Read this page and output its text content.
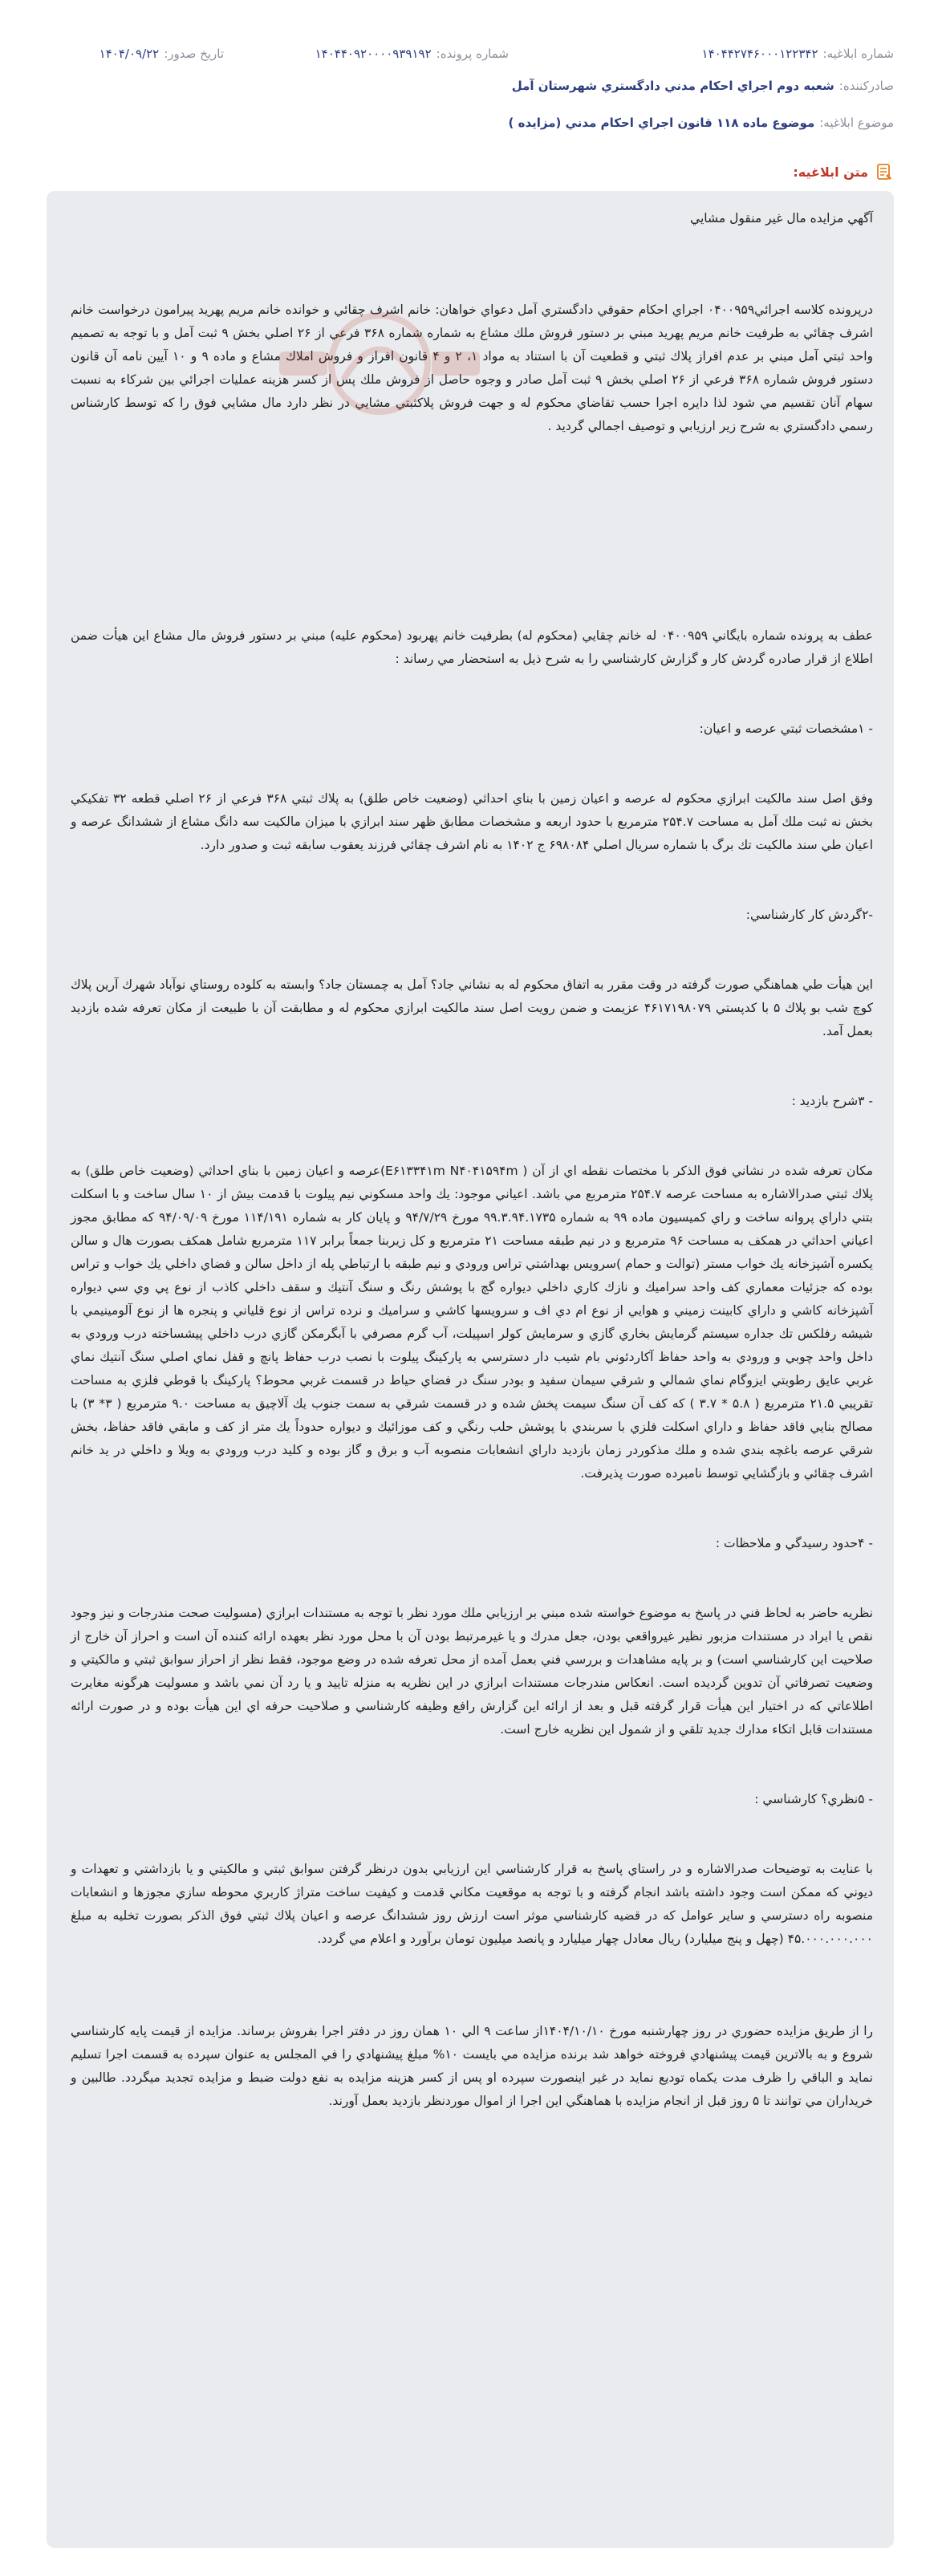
شماره ابلاغيه:
۱۴۰۴۴۲۷۴۶۰۰۰۱۲۲۳۴۲
شماره پرونده:
۱۴۰۴۴۰۹۲۰۰۰۰۹۳۹۱۹۲
تاریخ صدور:
۱۴۰۴/۰۹/۲۲
صادرکننده:
شعبه دوم اجراي احكام مدني دادگستري شهرستان آمل
موضوع ابلاغيه:
موضوع ماده ۱۱۸ قانون اجراي احكام مدني (مزايده )
متن ابلاغيه:

آگهي مزايده مال غير منقول مشايي

درپرونده كلاسه اجرائي۰۴۰۰۹۵۹ اجراي احكام حقوقي دادگستري آمل دعواي خواهان: خانم اشرف چقائي و خوانده خانم مريم پهريد پيرامون درخواست خانم اشرف چقائي به طرفيت خانم مريم پهريد مبني بر دستور فروش ملك مشاع به شماره شماره ۳۶۸ فرعي از ۲۶ اصلي بخش ۹ ثبت آمل و با توجه به تصميم واحد ثبتي آمل مبني بر عدم افراز پلاك ثبتي و قطعيت آن با استناد به مواد ۱، ۲ و ۴ قانون افراز و فروش املاك مشاع و ماده ۹ و ۱۰ آيين نامه آن قانون دستور فروش شماره ۳۶۸ فرعي از ۲۶ اصلي بخش ۹ ثبت آمل صادر و وجوه حاصل از فروش ملك پس از كسر هزينه عمليات اجرائي بين شركاء به نسبت سهام آنان تقسيم مي شود لذا دايره اجرا حسب تقاضاي محكوم له و جهت فروش پلاكثبتي مشايي در نظر دارد مال مشايي فوق را كه توسط كارشناس رسمي دادگستري به شرح زير ارزيابي و توصيف اجمالي گرديد .

عطف به پرونده شماره بايگاني ۰۴۰۰۹۵۹ له خانم چقايي (محكوم له) بطرفيت خانم پهربود (محكوم عليه) مبني بر دستور فروش مال مشاع اين هيأت ضمن اطلاع از قرار صادره گردش كار و گزارش كارشناسي را به شرح ذيل به استحضار مي رساند :

- ۱مشخصات ثبتي عرصه و اعيان:

وفق اصل سند مالكيت ابرازي محكوم له عرصه و اعيان زمين با بناي احداثي (وضعيت خاص طلق) به پلاك ثبتي ۳۶۸ فرعي از ۲۶ اصلي قطعه ۳۲ تفكيكي بخش نه ثبت ملك آمل به مساحت ۲۵۴.۷ مترمربع با حدود اربعه و مشخصات مطابق ظهر سند ابرازي با ميزان مالكيت سه دانگ مشاع از ششدانگ عرصه و اعيان طي سند مالكيت تك برگ با شماره سريال اصلي ۶۹۸۰۸۴ ج ۱۴۰۲ به نام اشرف چقائي فرزند يعقوب سابقه ثبت و صدور دارد.

-۲گردش كار كارشناسي:

اين هيأت طي هماهنگي صورت گرفته در وقت مقرر به اتفاق محكوم له به نشاني جاد؟ آمل به چمستان جاد؟ وابسته به كلوده روستاي نوآباد شهرك آرين پلاك كوچ شب بو پلاك ۵ با كدپستي ۴۶۱۷۱۹۸۰۷۹ عزيمت و ضمن رويت اصل سند مالكيت ابرازي محكوم له و مطابقت آن با طبيعت از مكان تعرفه شده بازديد بعمل آمد.

- ۳شرح بازديد :

مكان تعرفه شده در نشاني فوق الذكر با مختصات نقطه اي از آن ( E۶۱۳۳۴۱m N۴۰۴۱۵۹۴m)عرصه و اعيان زمين با بناي احداثي (وضعيت خاص طلق) به پلاك ثبتي صدرالاشاره به مساحت عرصه ۲۵۴.۷ مترمربع مي باشد. اعياني موجود: يك واحد مسكوني نيم پيلوت با قدمت بيش از ۱۰ سال ساخت و با اسكلت بتني داراي پروانه ساخت و راي كميسيون ماده ۹۹ به شماره ۹۹.۳.۹۴.۱۷۳۵ مورخ ۹۴/۷/۲۹ و پايان كار به شماره ۱۱۴/۱۹۱ مورخ ۹۴/۰۹/۰۹ كه مطابق مجوز اعياني احداثي در همكف به مساحت ۹۶ مترمربع و در نيم طبقه مساحت ۲۱ مترمربع و كل زيربنا جمعاً برابر ۱۱۷ مترمربع شامل همكف بصورت هال و سالن يكسره آشپزخانه يك خواب مستر (توالت و حمام )سرويس بهداشتي تراس ورودي و نيم طبقه با ارتباطي پله از داخل سالن و فضاي داخلي يك خواب و تراس بوده كه جزئيات معماري كف واحد سراميك و نازك كاري داخلي ديواره گچ با پوشش رنگ و سنگ آنتيك و سقف داخلي كاذب از نوع پي وي سي ديواره آشپزخانه كاشي و داراي كابينت زميني و هوايي از نوع ام دي اف و سرويسها كاشي و سراميك و نرده تراس از نوع قلياني و پنجره ها از نوع آلومينيمي با شيشه رفلكس تك جداره سيستم گرمايش بخاري گازي و سرمايش كولر اسپيلت، آب گرم مصرفي با آبگرمكن گازي درب داخلي پيشساخته درب ورودي به داخل واحد چوبي و ورودي به واحد حفاظ آكاردئوني بام شيب دار دسترسي به پاركينگ پيلوت با نصب درب حفاظ پانچ و قفل نماي اصلي سنگ آنتيك نماي غربي عايق رطوبتي ايزوگام نماي شمالي و شرقي سيمان سفيد و بودر سنگ در فضاي حياط در قسمت غربي محوط؟ پاركينگ با قوطي فلزي به مساحت تقريبي ۲۱.۵ مترمربع ( ۵.۸ * ۳.۷ ) كه كف آن سنگ سيمت پخش شده و در قسمت شرقي به سمت جنوب يك آلاچيق به مساحت ۹.۰ مترمربع ( ۳* ۳) با مصالح بنايي فاقد حفاظ و داراي اسكلت فلزي با سربندي با پوشش حلب رنگي و كف موزائيك و ديواره حدوداً يك متر از كف و مابقي فاقد حفاظ، بخش شرقي عرصه باغچه بندي شده و ملك مذكوردر زمان بازديد داراي انشعابات منصوبه آب و برق و گاز بوده و كليد درب ورودي به ويلا و داخلي در يد خانم اشرف چقائي و بازگشايي توسط نامبرده صورت پذيرفت.

- ۴حدود رسيدگي و ملاحظات :

نظريه حاضر به لحاظ فني در پاسخ به موضوع خواسته شده مبني بر ارزيابي ملك مورد نظر با توجه به مستندات ابرازي (مسوليت صحت مندرجات و نيز وجود نقص يا ابراد در مستندات مزبور نظير غيرواقعي بودن، جعل مدرك و يا غيرمرتبط بودن آن با محل مورد نظر بعهده ارائه كننده آن است و احراز آن خارج از صلاحيت اين كارشناسي است) و بر پايه مشاهدات و بررسي فني بعمل آمده از محل تعرفه شده در وضع موجود، فقط نظر از احراز سوابق ثبتي و مالكيتي و وضعيت تصرفاتي آن تدوين گرديده است. انعكاس مندرجات مستندات ابرازي در اين نظريه به منزله تاييد و يا رد آن نمي باشد و مسوليت هرگونه مغايرت اطلاعاتي كه در اختيار اين هيأت قرار گرفته قبل و بعد از ارائه اين گزارش رافع وظيفه كارشناسي و صلاحيت حرفه اي اين هيأت بوده و در صورت ارائه مستندات قابل اتكاء مدارك جديد تلقي و از شمول اين نظريه خارج است.

- ۵نظري؟ كارشناسي :

با عنايت به توضيحات صدرالاشاره و در راستاي پاسخ به قرار كارشناسي اين ارزيابي بدون درنظر گرفتن سوابق ثبتي و مالكيتي و يا بازداشتي و تعهدات و ديوني كه ممكن است وجود داشته باشد انجام گرفته و با توجه به موقعيت مكاني قدمت و كيفيت ساخت متراژ كاربري محوطه سازي مجوزها و انشعابات منصوبه راه دسترسي و ساير عوامل كه در قضيه كارشناسي موثر است ارزش روز ششدانگ عرصه و اعيان پلاك ثبتي فوق الذكر بصورت تخليه به مبلغ ۴۵.۰۰۰.۰۰۰.۰۰۰ (چهل و پنج ميليارد) ريال معادل چهار ميليارد و پانصد ميليون تومان برآورد و اعلام مي گردد.

را از طريق مزايده حضوري در روز چهارشنبه مورخ ۱۴۰۴/۱۰/۱۰از ساعت ۹ الي ۱۰ همان روز در دفتر اجرا بفروش برساند. مزايده از قيمت پايه كارشناسي شروع و به بالاترين قيمت پيشنهادي فروخته خواهد شد برنده مزايده مي بايست ۱۰% مبلغ پيشنهادي را في المجلس به عنوان سپرده به قسمت اجرا تسليم نمايد و الباقي را ظرف مدت يكماه توديع نمايد در غير اينصورت سپرده او پس از كسر هزينه مزايده به نفع دولت ضبط و مزايده تجديد ميگردد. طالبين و خريداران مي توانند تا ۵ روز قبل از انجام مزايده با هماهنگي اين اجرا از اموال موردنظر بازديد بعمل آورند.
